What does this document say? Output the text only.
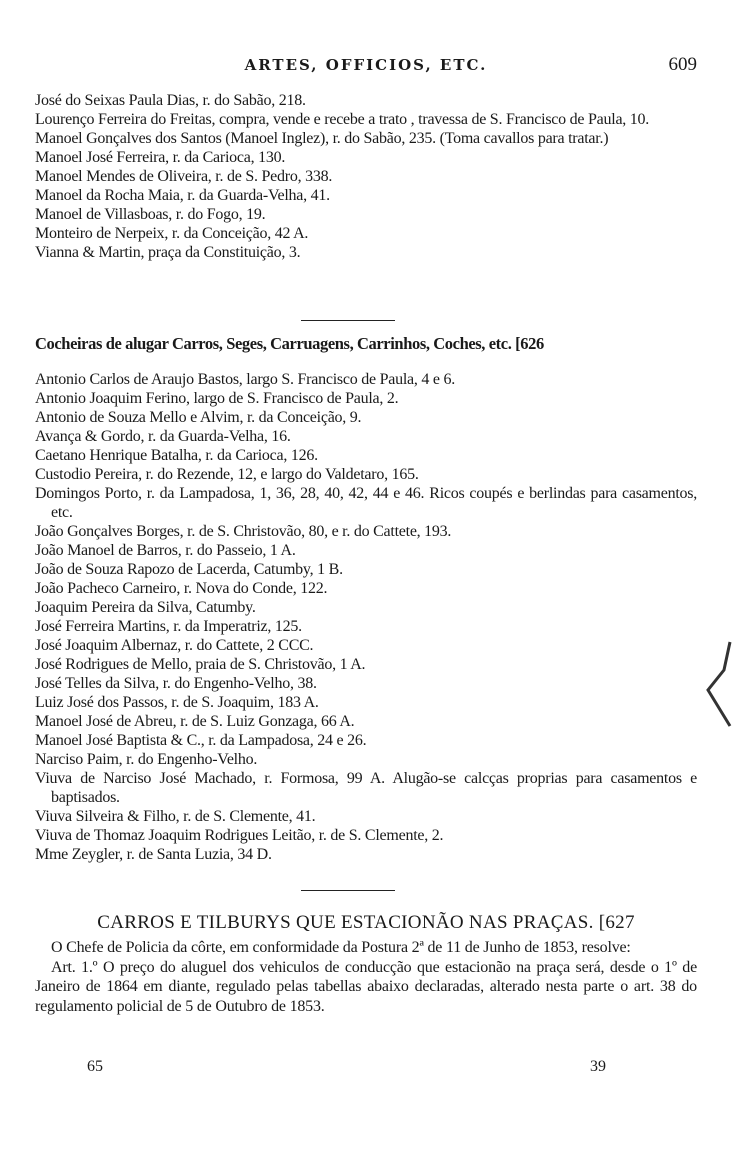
ARTES, OFFICIOS, ETC.	609
José do Seixas Paula Dias, r. do Sabão, 218.
Lourenço Ferreira do Freitas, compra, vende e recebe a trato , travessa de S. Francisco de Paula, 10.
Manoel Gonçalves dos Santos (Manoel Inglez), r. do Sabão, 235. (Toma cavallos para tratar.)
Manoel José Ferreira, r. da Carioca, 130.
Manoel Mendes de Oliveira, r. de S. Pedro, 338.
Manoel da Rocha Maia, r. da Guarda-Velha, 41.
Manoel de Villasboas, r. do Fogo, 19.
Monteiro de Nerpeix, r. da Conceição, 42 A.
Vianna & Martin, praça da Constituição, 3.
Cocheiras de alugar Carros, Seges, Carruagens, Carrinhos, Coches, etc. [626
Antonio Carlos de Araujo Bastos, largo S. Francisco de Paula, 4 e 6.
Antonio Joaquim Ferino, largo de S. Francisco de Paula, 2.
Antonio de Souza Mello e Alvim, r. da Conceição, 9.
Avança & Gordo, r. da Guarda-Velha, 16.
Caetano Henrique Batalha, r. da Carioca, 126.
Custodio Pereira, r. do Rezende, 12, e largo do Valdetaro, 165.
Domingos Porto, r. da Lampadosa, 1, 36, 28, 40, 42, 44 e 46. Ricos coupés e berlindas para casamentos, etc.
João Gonçalves Borges, r. de S. Christovão, 80, e r. do Cattete, 193.
João Manoel de Barros, r. do Passeio, 1 A.
João de Souza Rapozo de Lacerda, Catumby, 1 B.
João Pacheco Carneiro, r. Nova do Conde, 122.
Joaquim Pereira da Silva, Catumby.
José Ferreira Martins, r. da Imperatriz, 125.
José Joaquim Albernaz, r. do Cattete, 2 CCC.
José Rodrigues de Mello, praia de S. Christovão, 1 A.
José Telles da Silva, r. do Engenho-Velho, 38.
Luiz José dos Passos, r. de S. Joaquim, 183 A.
Manoel José de Abreu, r. de S. Luiz Gonzaga, 66 A.
Manoel José Baptista & C., r. da Lampadosa, 24 e 26.
Narciso Paim, r. do Engenho-Velho.
Viuva de Narciso José Machado, r. Formosa, 99 A. Alugão-se calcças proprias para casamentos e baptisados.
Viuva Silveira & Filho, r. de S. Clemente, 41.
Viuva de Thomaz Joaquim Rodrigues Leitão, r. de S. Clemente, 2.
Mme Zeygler, r. de Santa Luzia, 34 D.
CARROS E TILBURYS QUE ESTACIONÃO NAS PRAÇAS. [627

O Chefe de Policia da côrte, em conformidade da Postura 2ª de 11 de Junho de 1853, resolve:

Art. 1.º O preço do aluguel dos vehiculos de conducção que estacionão na praça será, desde o 1º de Janeiro de 1864 em diante, regulado pelas tabellas abaixo declaradas, alterado nesta parte o art. 38 do regulamento policial de 5 de Outubro de 1853.

65	39
